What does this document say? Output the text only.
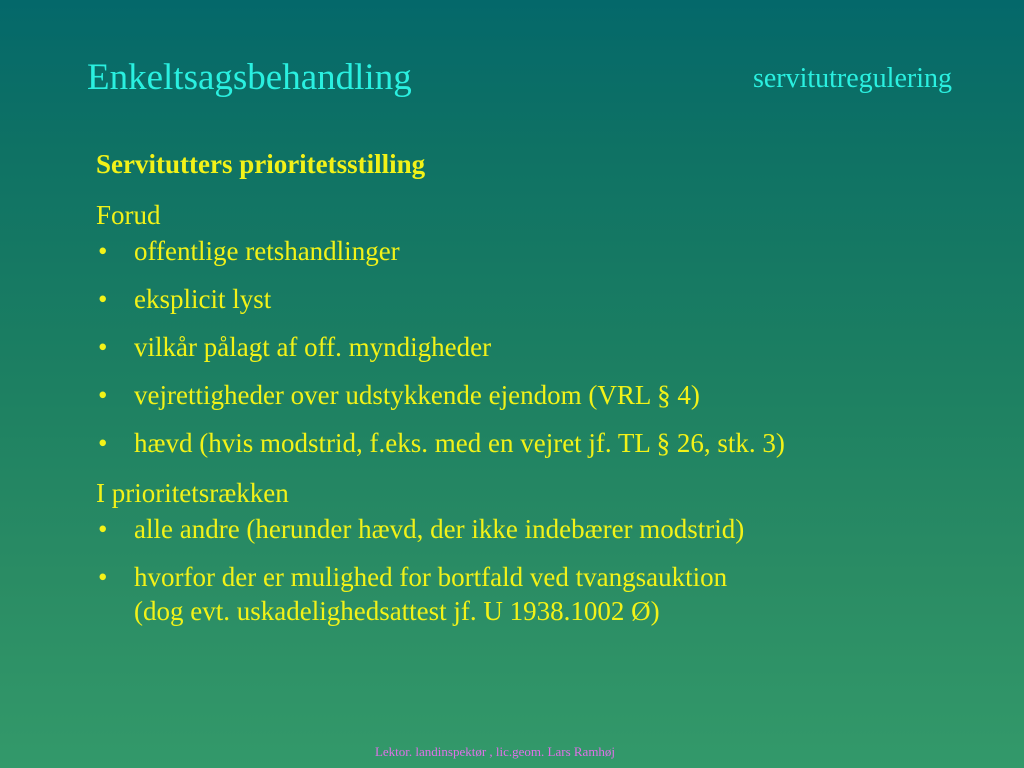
Enkeltsagsbehandling	servitutregulering
Servitutters prioritetsstilling
Forud
• offentlige retshandlinger
• eksplicit lyst
• vilkår pålagt af off. myndigheder
• vejrettigheder over udstykkende ejendom (VRL § 4)
• hævd (hvis modstrid, f.eks. med en vejret jf. TL § 26, stk. 3)
I prioritetsrækken
• alle andre (herunder hævd, der ikke indebærer modstrid)
• hvorfor der er mulighed for bortfald ved tvangsauktion
(dog evt. uskadelighedsattest jf. U 1938.1002 Ø)
Lektor. landinspektør , lic.geom. Lars Ramhøj
